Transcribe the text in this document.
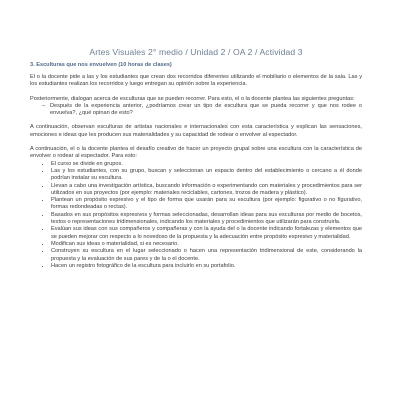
Artes Visuales 2° medio / Unidad 2 / OA 2 / Actividad 3
3. Esculturas que nos envuelven (10 horas de clases)

El o la docente pide a las y los estudiantes que crean dos recorridos diferentes utilizando el mobiliario o elementos de la sala. Las y los estudiantes realizan los recorridos y luego entregan su opinión sobre la experiencia.

Posteriormente, dialogan acerca de esculturas que se pueden recorrer. Para esto, el o la docente plantea las siguientes preguntas:

– Después de la experiencia anterior, ¿podríamos crear un tipo de escultura que se pueda recorrer y que nos rodee o envuelva?, ¿qué opinan de esto?

A continuación, observan esculturas de artistas nacionales e internacionales con esta característica y explican las sensaciones, emociones e ideas que les producen sus materialidades y su capacidad de rodear o envolver al espectador.

A continuación, el o la docente plantea el desafío creativo de hacer un proyecto grupal sobre una escultura con la característica de envolver o rodear al espectador. Para esto:

• El curso se divide en grupos.
• Las y los estudiantes, con su grupo, buscan y seleccionan un espacio dentro del establecimiento o cercano a él donde podrían instalar su escultura.
• Llevan a cabo una investigación artística, buscando información o experimentando con materiales y procedimientos para ser utilizados en sus proyectos (por ejemplo: materiales reciclables, cartones, trozos de madera y plástico).
• Plantean un propósito expresivo y el tipo de forma que usarán para su escultura (por ejemplo: figurativo o no figurativo, formas redondeadas o rectas).
• Basados en sus propósitos expresivos y formas seleccionadas, desarrollan ideas para sus esculturas por medio de bocetos, textos o representaciones tridimensionales, indicando los materiales y procedimientos que utilizarán para construirla.
• Evalúan sus ideas con sus compañeros y compañeras y con la ayuda del o la docente indicando fortalezas y elementos que se pueden mejorar con respecto a lo novedoso de la propuesta y la adecuación entre propósito expresivo y materialidad.
• Modifican sus ideas o materialidad, si es necesario.
• Construyen su escultura en el lugar seleccionado o hacen una representación tridimensional de este, considerando la propuesta y la evaluación de sus pares y de la o el docente.
• Hacen un registro fotográfico de la escultura para incluirlo en su portafolio.
